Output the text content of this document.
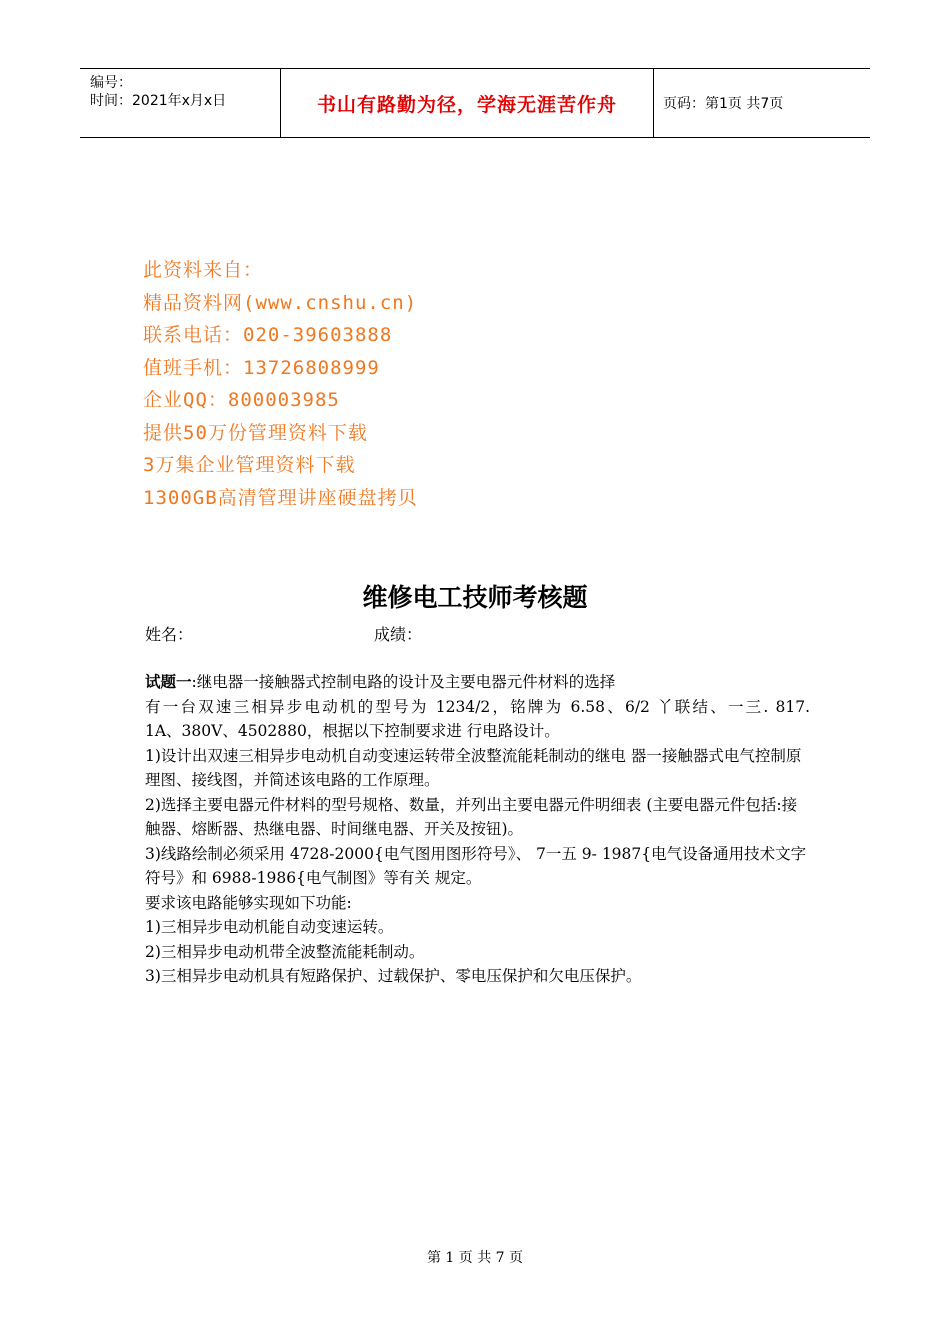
编号：
时间：2021年x月x日	书山有路勤为径，学海无涯苦作舟	页码：第1页 共7页
此资料来自：
精品资料网(www.cnshu.cn)
联系电话：020-39603888
值班手机：13726808999
企业QQ：800003985
提供50万份管理资料下载
3万集企业管理资料下载
1300GB高清管理讲座硬盘拷贝
维修电工技师考核题
姓名：	成绩：

试题一:继电器一接触器式控制电路的设计及主要电器元件材料的选择

有一台双速三相异步电动机的型号为 1234/2，铭牌为 6.58、6/2 丫联结、一三. 817.

1A、380V、4502880，根据以下控制要求进 行电路设计。

1)设计出双速三相异步电动机自动变速运转带全波整流能耗制动的继电 器一接触器式电气控制原理图、接线图，并简述该电路的工作原理。

2)选择主要电器元件材料的型号规格、数量，并列出主要电器元件明细表 (主要电器元件包括:接触器、熔断器、热继电器、时间继电器、开关及按钮)。

3)线路绘制必须采用 4728-2000{电气图用图形符号》、 7一五 9- 1987{电气设备通用技术文字符号》和 6988-1986{电气制图》等有关 规定。

要求该电路能够实现如下功能:

1)三相异步电动机能自动变速运转。

2)三相异步电动机带全波整流能耗制动。

3)三相异步电动机具有短路保护、过载保护、零电压保护和欠电压保护。

第 1 页 共 7 页
